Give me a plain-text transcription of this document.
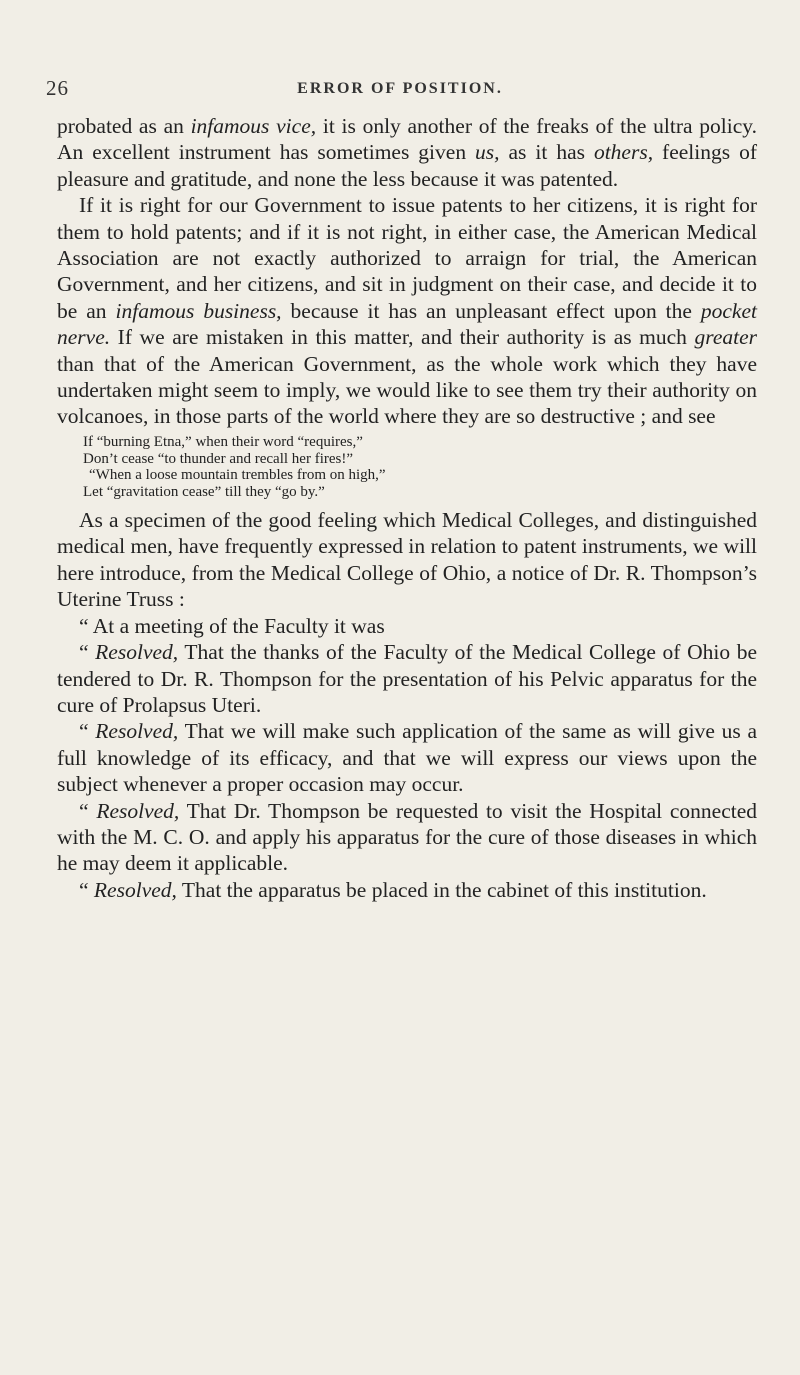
26	ERROR OF POSITION.

probated as an infamous vice, it is only another of the freaks of the ultra policy. An excellent instrument has sometimes given us, as it has others, feelings of pleasure and gratitude, and none the less because it was patented.

If it is right for our Government to issue patents to her citizens, it is right for them to hold patents; and if it is not right, in either case, the American Medical Association are not exactly authorized to arraign for trial, the American Government, and her citizens, and sit in judgment on their case, and decide it to be an infamous business, because it has an unpleasant effect upon the pocket nerve. If we are mistaken in this matter, and their authority is as much greater than that of the American Government, as the whole work which they have undertaken might seem to imply, we would like to see them try their authority on volcanoes, in those parts of the world where they are so destructive ; and see

If “burning Etna,” when their word “requires,”
Don’t cease “to thunder and recall her fires!”
“When a loose mountain trembles from on high,”
Let “gravitation cease” till they “go by.”

As a specimen of the good feeling which Medical Colleges, and distinguished medical men, have frequently expressed in relation to patent instruments, we will here introduce, from the Medical College of Ohio, a notice of Dr. R. Thompson’s Uterine Truss :

“ At a meeting of the Faculty it was

“ Resolved, That the thanks of the Faculty of the Medical College of Ohio be tendered to Dr. R. Thompson for the presentation of his Pelvic apparatus for the cure of Prolapsus Uteri.

“ Resolved, That we will make such application of the same as will give us a full knowledge of its efficacy, and that we will express our views upon the subject whenever a proper occasion may occur.

“ Resolved, That Dr. Thompson be requested to visit the Hospital connected with the M. C. O. and apply his apparatus for the cure of those diseases in which he may deem it applicable.

“ Resolved, That the apparatus be placed in the cabinet of this institution.
